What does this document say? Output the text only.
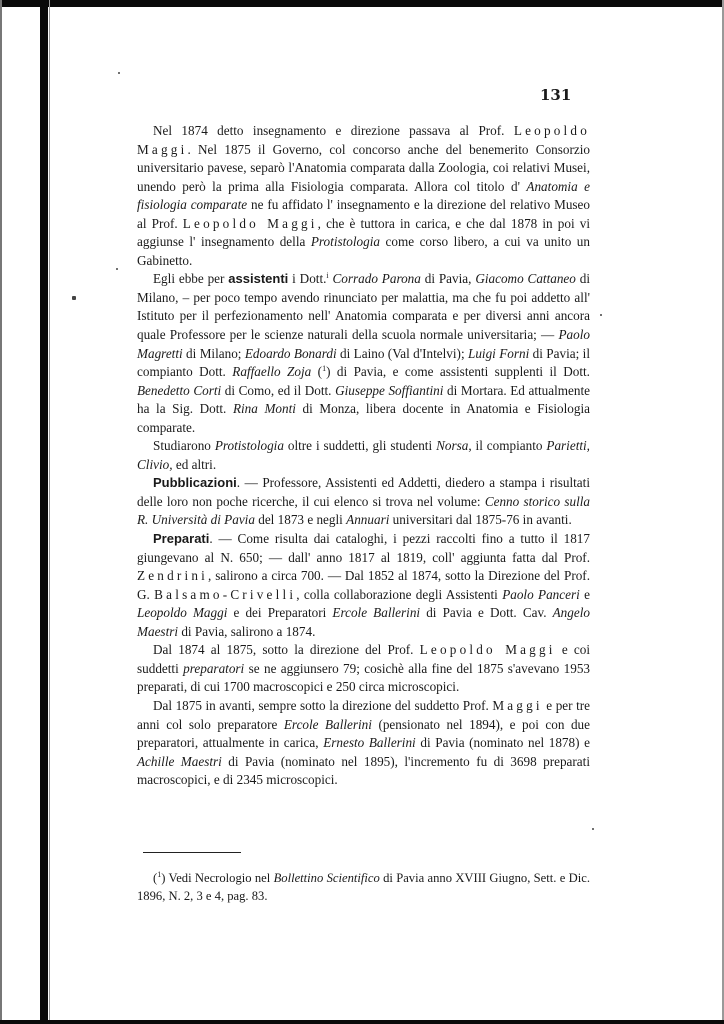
131

Nel 1874 detto insegnamento e direzione passava al Prof. Leopoldo Maggi. Nel 1875 il Governo, col concorso anche del benemerito Consorzio universitario pavese, separò l'Anatomia comparata dalla Zoologia, coi relativi Musei, unendo però la prima alla Fisiologia comparata. Allora col titolo d' Anatomia e fisiologia comparate ne fu affidato l' insegnamento e la direzione del relativo Museo al Prof. Leopoldo Maggi, che è tuttora in carica, e che dal 1878 in poi vi aggiunse l' insegnamento della Protistologia come corso libero, a cui va unito un Gabinetto.

Egli ebbe per assistenti i Dott.$^i$ Corrado Parona di Pavia, Giacomo Cattaneo di Milano, – per poco tempo avendo rinunciato per malattia, ma che fu poi addetto all' Istituto per il perfezionamento nell' Anatomia comparata e per diversi anni ancora quale Professore per le scienze naturali della scuola normale universitaria; — Paolo Magretti di Milano; Edoardo Bonardi di Laino (Val d'Intelvi); Luigi Forni di Pavia; il compianto Dott. Raffaello Zoja ($^1$) di Pavia, e come assistenti supplenti il Dott. Benedetto Corti di Como, ed il Dott. Giuseppe Soffiantini di Mortara. Ed attualmente ha la Sig. Dott. Rina Monti di Monza, libera docente in Anatomia e Fisiologia comparate.

Studiarono Protistologia oltre i suddetti, gli studenti Norsa, il compianto Parietti, Clivio, ed altri.

Pubblicazioni. — Professore, Assistenti ed Addetti, diedero a stampa i risultati delle loro non poche ricerche, il cui elenco si trova nel volume: Cenno storico sulla R. Università di Pavia del 1873 e negli Annuari universitari dal 1875-76 in avanti.

Preparati. — Come risulta dai cataloghi, i pezzi raccolti fino a tutto il 1817 giungevano al N. 650; — dall' anno 1817 al 1819, coll' aggiunta fatta dal Prof. Zendrini, salirono a circa 700. — Dal 1852 al 1874, sotto la Direzione del Prof. G. Balsamo-Crivelli, colla collaborazione degli Assistenti Paolo Panceri e Leopoldo Maggi e dei Preparatori Ercole Ballerini di Pavia e Dott. Cav. Angelo Maestri di Pavia, salirono a 1874.

Dal 1874 al 1875, sotto la direzione del Prof. Leopoldo Maggi e coi suddetti preparatori se ne aggiunsero 79; cosichè alla fine del 1875 s'avevano 1953 preparati, di cui 1700 macroscopici e 250 circa microscopici.

Dal 1875 in avanti, sempre sotto la direzione del suddetto Prof. Maggi e per tre anni col solo preparatore Ercole Ballerini (pensionato nel 1894), e poi con due preparatori, attualmente in carica, Ernesto Ballerini di Pavia (nominato nel 1878) e Achille Maestri di Pavia (nominato nel 1895), l'incremento fu di 3698 preparati macroscopici, e di 2345 microscopici.

($^1$) Vedi Necrologio nel Bollettino Scientifico di Pavia anno XVIII Giugno, Sett. e Dic. 1896, N. 2, 3 e 4, pag. 83.
